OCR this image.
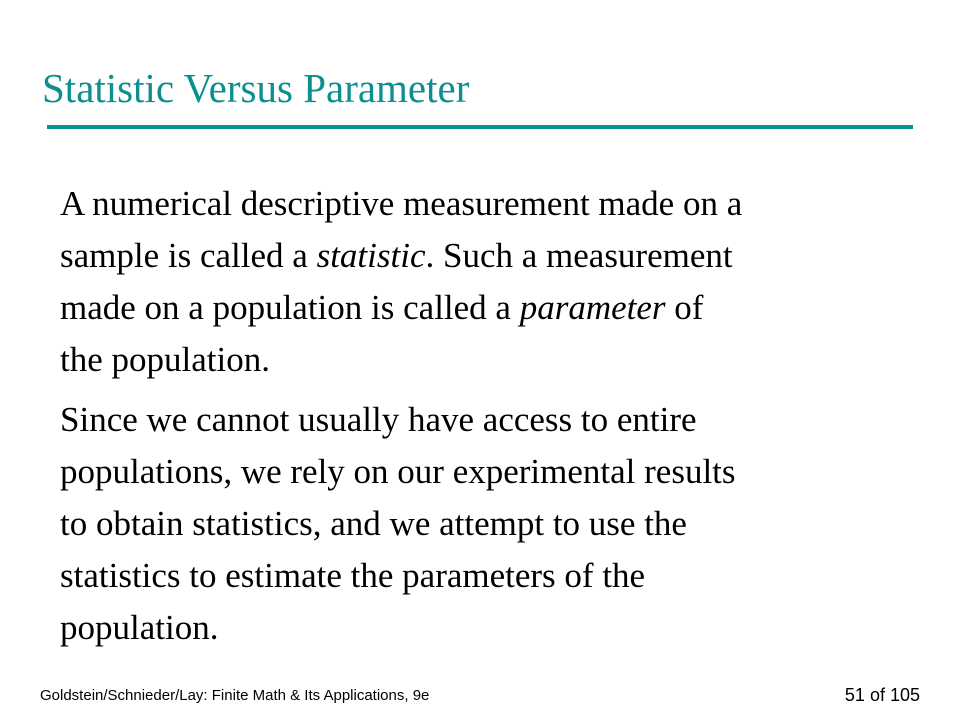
Statistic Versus Parameter

A numerical descriptive measurement made on a
sample is called a statistic. Such a measurement
made on a population is called a parameter of
the population.

Since we cannot usually have access to entire
populations, we rely on our experimental results
to obtain statistics, and we attempt to use the
statistics to estimate the parameters of the
population.

Goldstein/Schnieder/Lay: Finite Math & Its Applications, 9e	51 of 105
